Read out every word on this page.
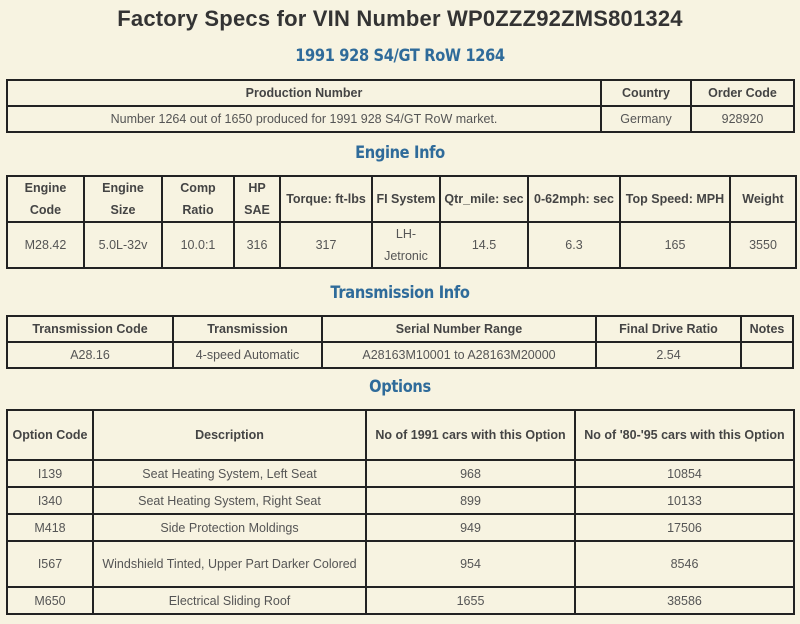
Factory Specs for VIN Number WP0ZZZ92ZMS801324
1991 928 S4/GT RoW 1264
Production Number	Country	Order Code
Number 1264 out of 1650 produced for 1991 928 S4/GT RoW market.	Germany	928920
Engine Info
Engine Code	Engine Size	Comp Ratio	HP SAE	Torque: ft-lbs	FI System	Qtr_mile: sec	0-62mph: sec	Top Speed: MPH	Weight
M28.42	5.0L-32v	10.0:1	316	317	LH-Jetronic	14.5	6.3	165	3550
Transmission Info
Transmission Code	Transmission	Serial Number Range	Final Drive Ratio	Notes
A28.16	4-speed Automatic	A28163M10001 to A28163M20000	2.54	
Options
Option Code	Description	No of 1991 cars with this Option	No of '80-'95 cars with this Option
I139	Seat Heating System, Left Seat	968	10854
I340	Seat Heating System, Right Seat	899	10133
M418	Side Protection Moldings	949	17506
I567	Windshield Tinted, Upper Part Darker Colored	954	8546
M650	Electrical Sliding Roof	1655	38586
